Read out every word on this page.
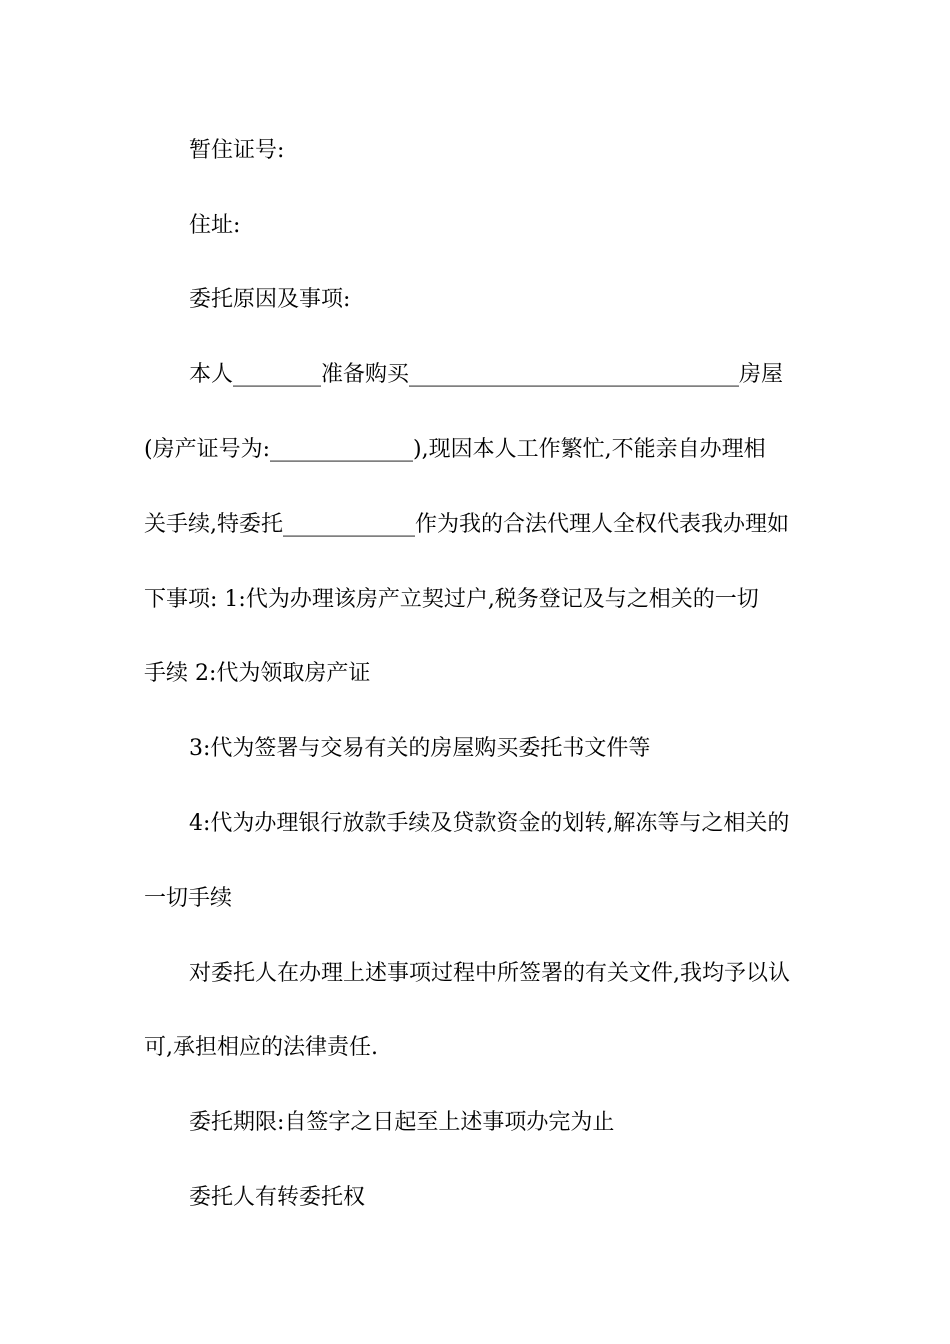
暂住证号:
住址:
委托原因及事项:
本人________准备购买______________________________房屋
(房产证号为:_____________),现因本人工作繁忙,不能亲自办理相
关手续,特委托____________作为我的合法代理人全权代表我办理如
下事项: 1:代为办理该房产立契过户,税务登记及与之相关的一切
手续 2:代为领取房产证
3:代为签署与交易有关的房屋购买委托书文件等
4:代为办理银行放款手续及贷款资金的划转,解冻等与之相关的
一切手续
对委托人在办理上述事项过程中所签署的有关文件,我均予以认
可,承担相应的法律责任.
委托期限:自签字之日起至上述事项办完为止
委托人有转委托权
